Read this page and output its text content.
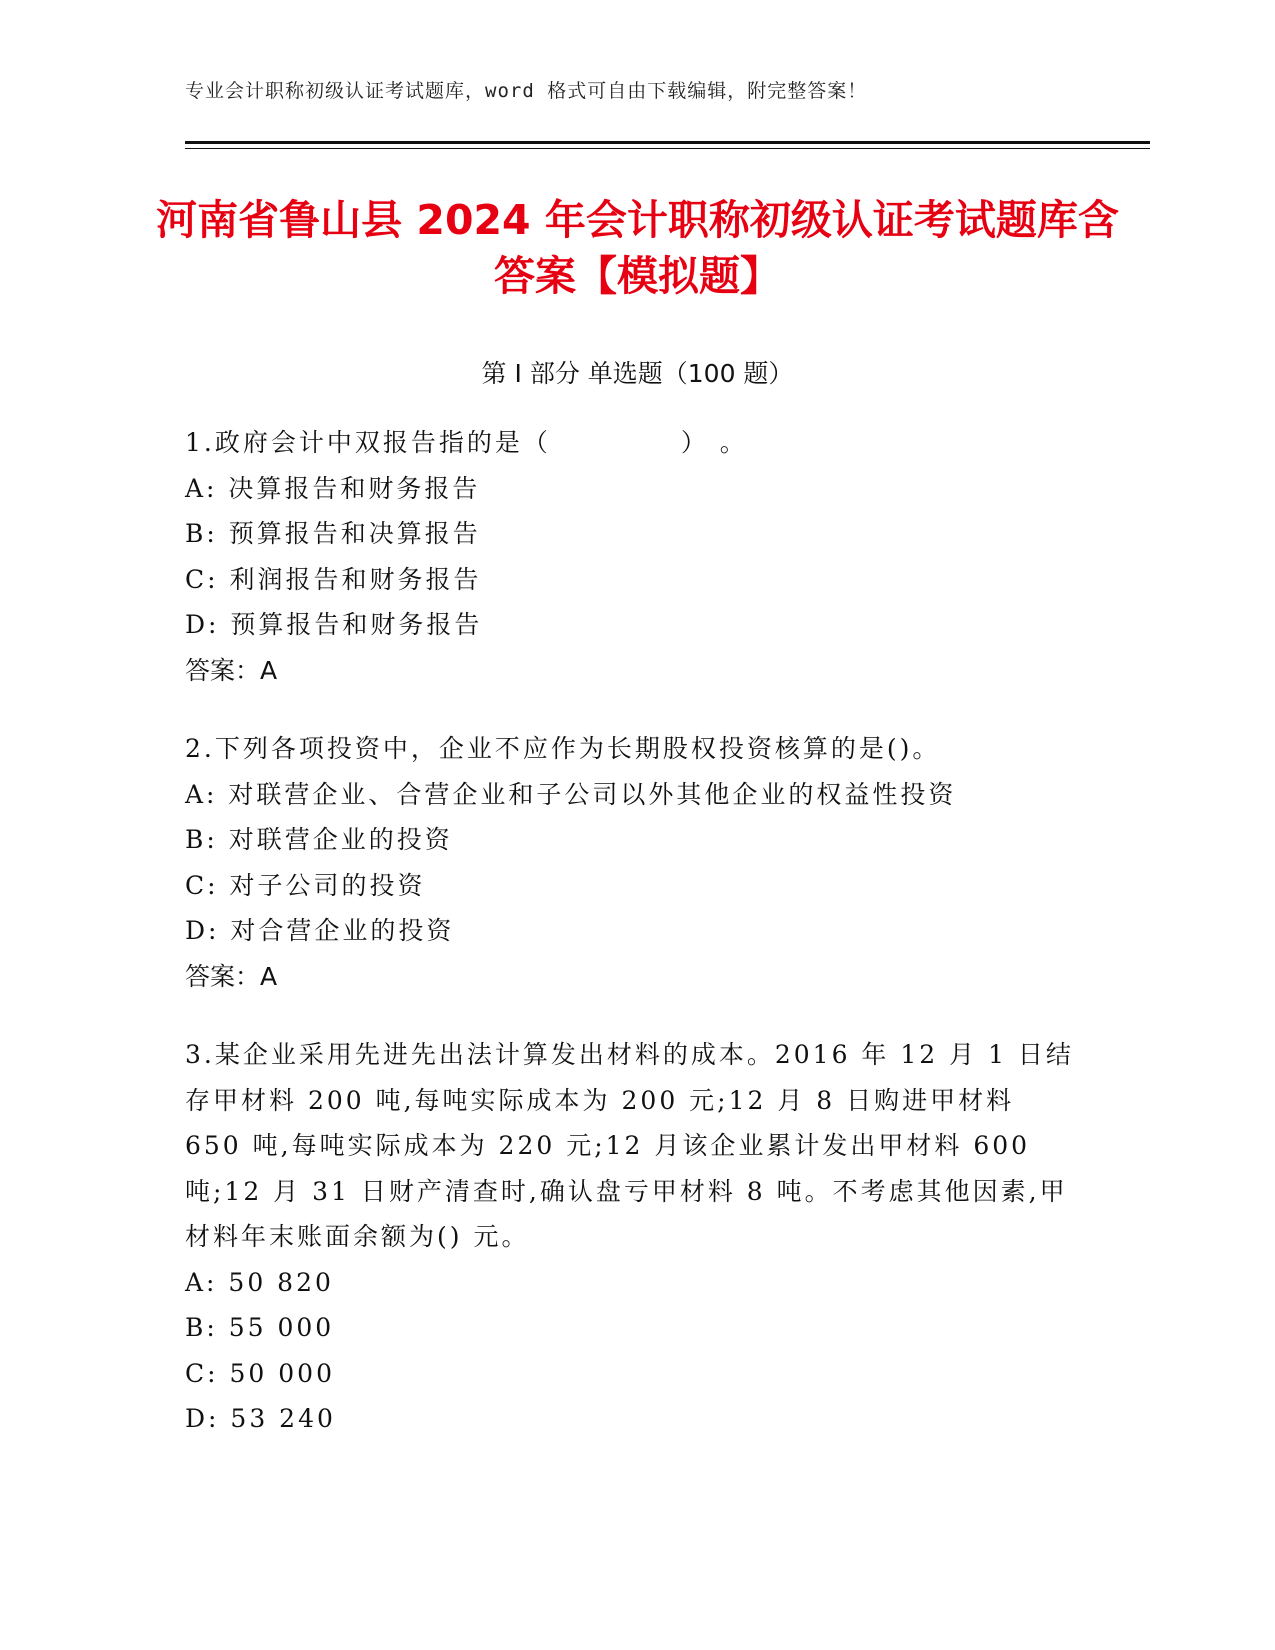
专业会计职称初级认证考试题库，word 格式可自由下载编辑，附完整答案！
河南省鲁山县 2024 年会计职称初级认证考试题库含答案【模拟题】
第 I 部分 单选题（100 题）
1.政府会计中双报告指的是（	） 。
A: 决算报告和财务报告
B: 预算报告和决算报告
C: 利润报告和财务报告
D: 预算报告和财务报告
答案：A
2.下列各项投资中，企业不应作为长期股权投资核算的是()。
A: 对联营企业、合营企业和子公司以外其他企业的权益性投资
B: 对联营企业的投资
C: 对子公司的投资
D: 对合营企业的投资
答案：A
3.某企业采用先进先出法计算发出材料的成本。2016 年 12 月 1 日结存甲材料 200 吨,每吨实际成本为 200 元;12 月 8 日购进甲材料 650 吨,每吨实际成本为 220 元;12 月该企业累计发出甲材料 600 吨;12 月 31 日财产清查时,确认盘亏甲材料 8 吨。不考虑其他因素,甲材料年末账面余额为() 元。
A: 50 820
B: 55 000
C: 50 000
D: 53 240
